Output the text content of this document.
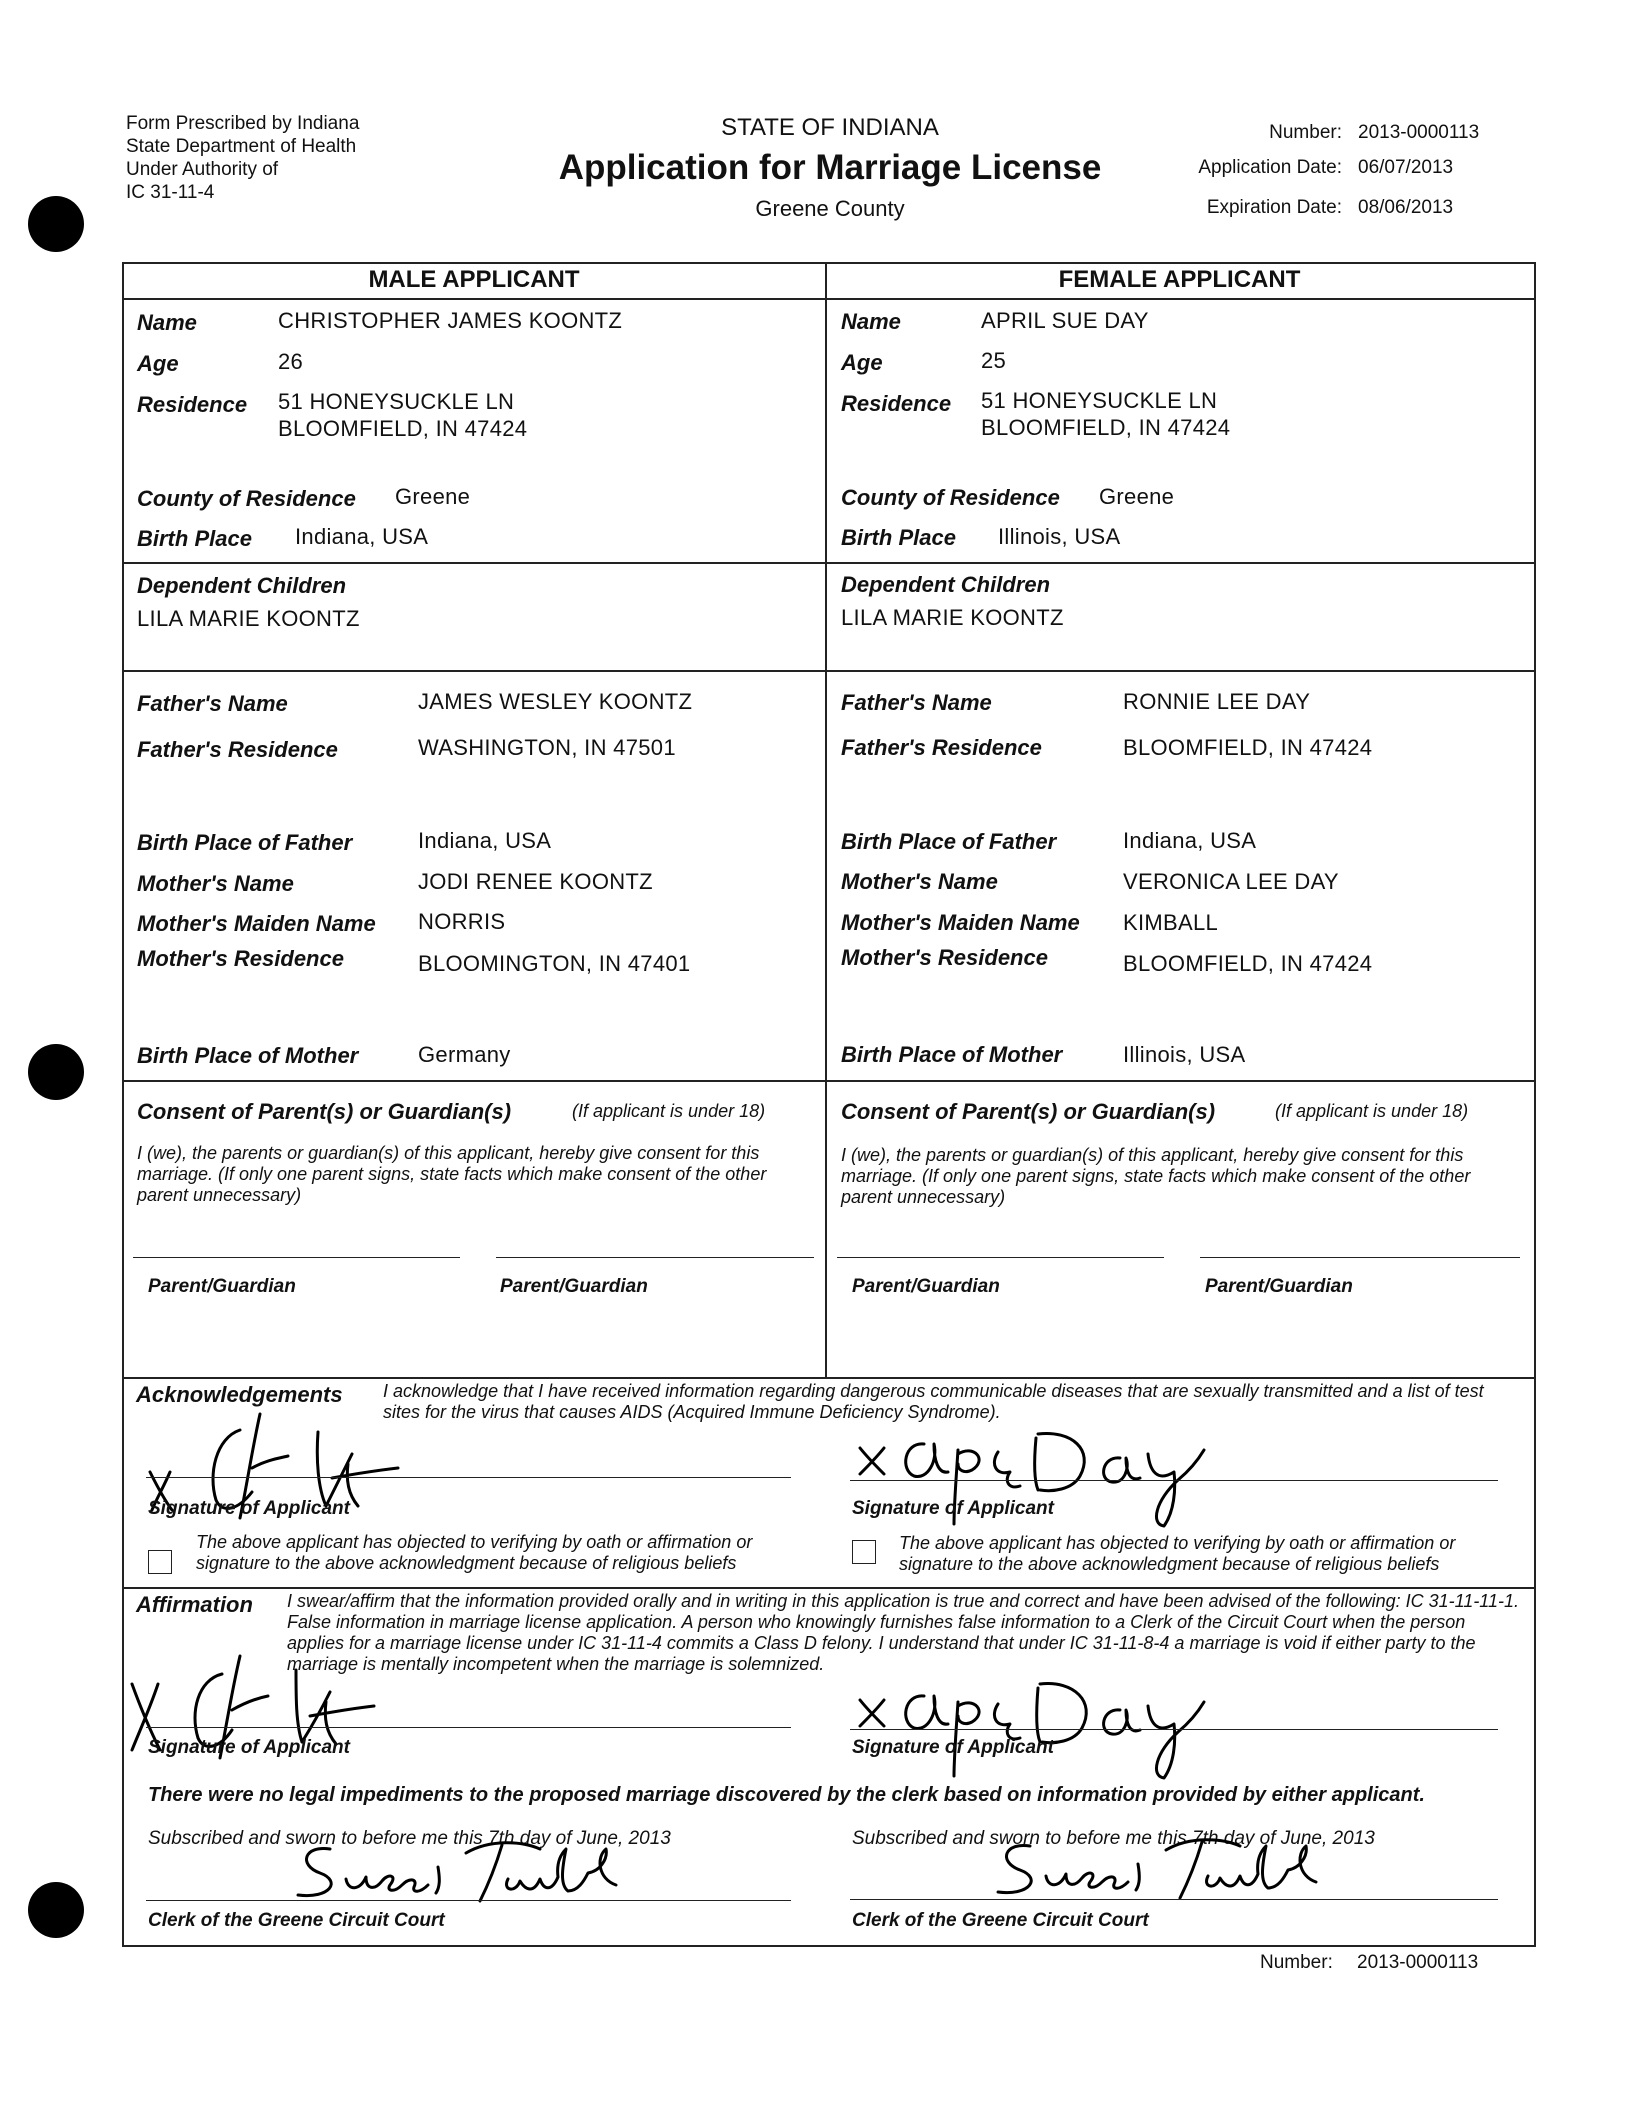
Form Prescribed by Indiana
State Department of Health
Under Authority of
IC 31-11-4
STATE OF INDIANA
Application for Marriage License
Greene County
Number: 2013-0000113
Application Date: 06/07/2013
Expiration Date: 08/06/2013
MALE APPLICANT	FEMALE APPLICANT
Name	CHRISTOPHER JAMES KOONTZ
Age	26
Residence 51 HONEYSUCKLE LN
BLOOMFIELD, IN 47424
County of Residence Greene
Birth Place Indiana, USA
Dependent Children
LILA MARIE KOONTZ
Father's Name	JAMES WESLEY KOONTZ
Father's Residence	WASHINGTON, IN 47501
Birth Place of Father	Indiana, USA
Mother's Name	JODI RENEE KOONTZ
Mother's Maiden Name NORRIS
Mother's Residence	BLOOMINGTON, IN 47401
Birth Place of Mother	Germany
Consent of Parent(s) or Guardian(s)	(If applicant is under 18)
I (we), the parents or guardian(s) of this applicant, hereby give consent for this marriage. (If only one parent signs, state facts which make consent of the other parent unnecessary)
Parent/Guardian	Parent/Guardian
Name	APRIL SUE DAY
Age	25
Residence 51 HONEYSUCKLE LN
BLOOMFIELD, IN 47424
County of Residence Greene
Birth Place Illinois, USA
Dependent Children
LILA MARIE KOONTZ
Father's Name	RONNIE LEE DAY
Father's Residence	BLOOMFIELD, IN 47424
Birth Place of Father	Indiana, USA
Mother's Name	VERONICA LEE DAY
Mother's Maiden Name KIMBALL
Mother's Residence	BLOOMFIELD, IN 47424
Birth Place of Mother	Illinois, USA
Consent of Parent(s) or Guardian(s)	(If applicant is under 18)
I (we), the parents or guardian(s) of this applicant, hereby give consent for this marriage. (If only one parent signs, state facts which make consent of the other parent unnecessary)
Parent/Guardian	Parent/Guardian
Acknowledgements I acknowledge that I have received information regarding dangerous communicable diseases that are sexually transmitted and a list of test sites for the virus that causes AIDS (Acquired Immune Deficiency Syndrome).
Signature of Applicant
The above applicant has objected to verifying by oath or affirmation or signature to the above acknowledgment because of religious beliefs
Signature of Applicant
The above applicant has objected to verifying by oath or affirmation or signature to the above acknowledgment because of religious beliefs
Affirmation I swear/affirm that the information provided orally and in writing in this application is true and correct and have been advised of the following: IC 31-11-11-1. False information in marriage license application. A person who knowingly furnishes false information to a Clerk of the Circuit Court when the person applies for a marriage license under IC 31-11-4 commits a Class D felony. I understand that under IC 31-11-8-4 a marriage is void if either party to the marriage is mentally incompetent when the marriage is solemnized.
Signature of Applicant	Signature of Applicant
There were no legal impediments to the proposed marriage discovered by the clerk based on information provided by either applicant.
Subscribed and sworn to before me this 7th day of June, 2013	Subscribed and sworn to before me this 7th day of June, 2013
Clerk of the Greene Circuit Court	Clerk of the Greene Circuit Court
Number: 2013-0000113
